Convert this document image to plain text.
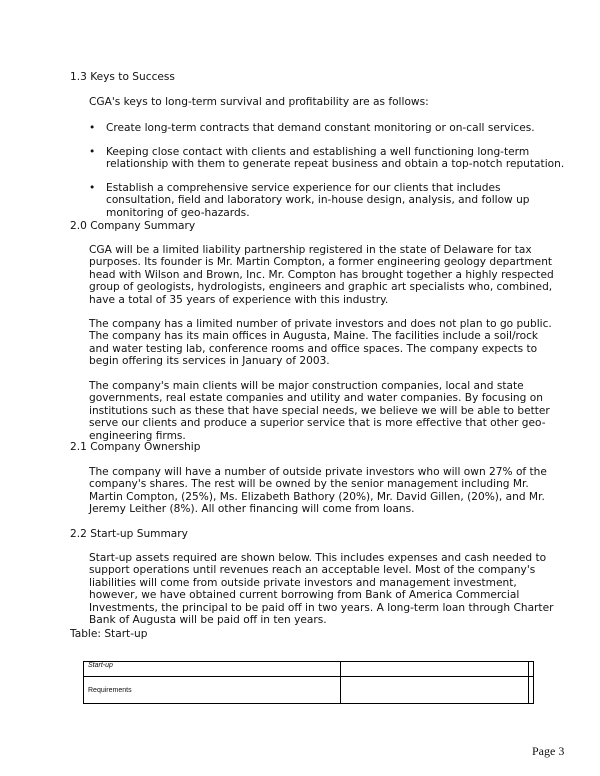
1.3 Keys to Success

CGA's keys to long-term survival and profitability are as follows:

• Create long-term contracts that demand constant monitoring or on-call services.
• Keeping close contact with clients and establishing a well functioning long-term relationship with them to generate repeat business and obtain a top-notch reputation.
• Establish a comprehensive service experience for our clients that includes consultation, field and laboratory work, in-house design, analysis, and follow up monitoring of geo-hazards.
2.0 Company Summary

CGA will be a limited liability partnership registered in the state of Delaware for tax purposes. Its founder is Mr. Martin Compton, a former engineering geology department head with Wilson and Brown, Inc. Mr. Compton has brought together a highly respected group of geologists, hydrologists, engineers and graphic art specialists who, combined, have a total of 35 years of experience with this industry.

The company has a limited number of private investors and does not plan to go public. The company has its main offices in Augusta, Maine. The facilities include a soil/rock and water testing lab, conference rooms and office spaces. The company expects to begin offering its services in January of 2003.

The company's main clients will be major construction companies, local and state governments, real estate companies and utility and water companies. By focusing on institutions such as these that have special needs, we believe we will be able to better serve our clients and produce a superior service that is more effective that other geo-engineering firms.

2.1 Company Ownership

The company will have a number of outside private investors who will own 27% of the company's shares. The rest will be owned by the senior management including Mr. Martin Compton, (25%), Ms. Elizabeth Bathory (20%), Mr. David Gillen, (20%), and Mr. Jeremy Leither (8%). All other financing will come from loans.

2.2 Start-up Summary

Start-up assets required are shown below. This includes expenses and cash needed to support operations until revenues reach an acceptable level. Most of the company's liabilities will come from outside private investors and management investment, however, we have obtained current borrowing from Bank of America Commercial Investments, the principal to be paid off in two years. A long-term loan through Charter Bank of Augusta will be paid off in ten years.

Table: Start-up
Start-up		
Requirements		
Page 3
